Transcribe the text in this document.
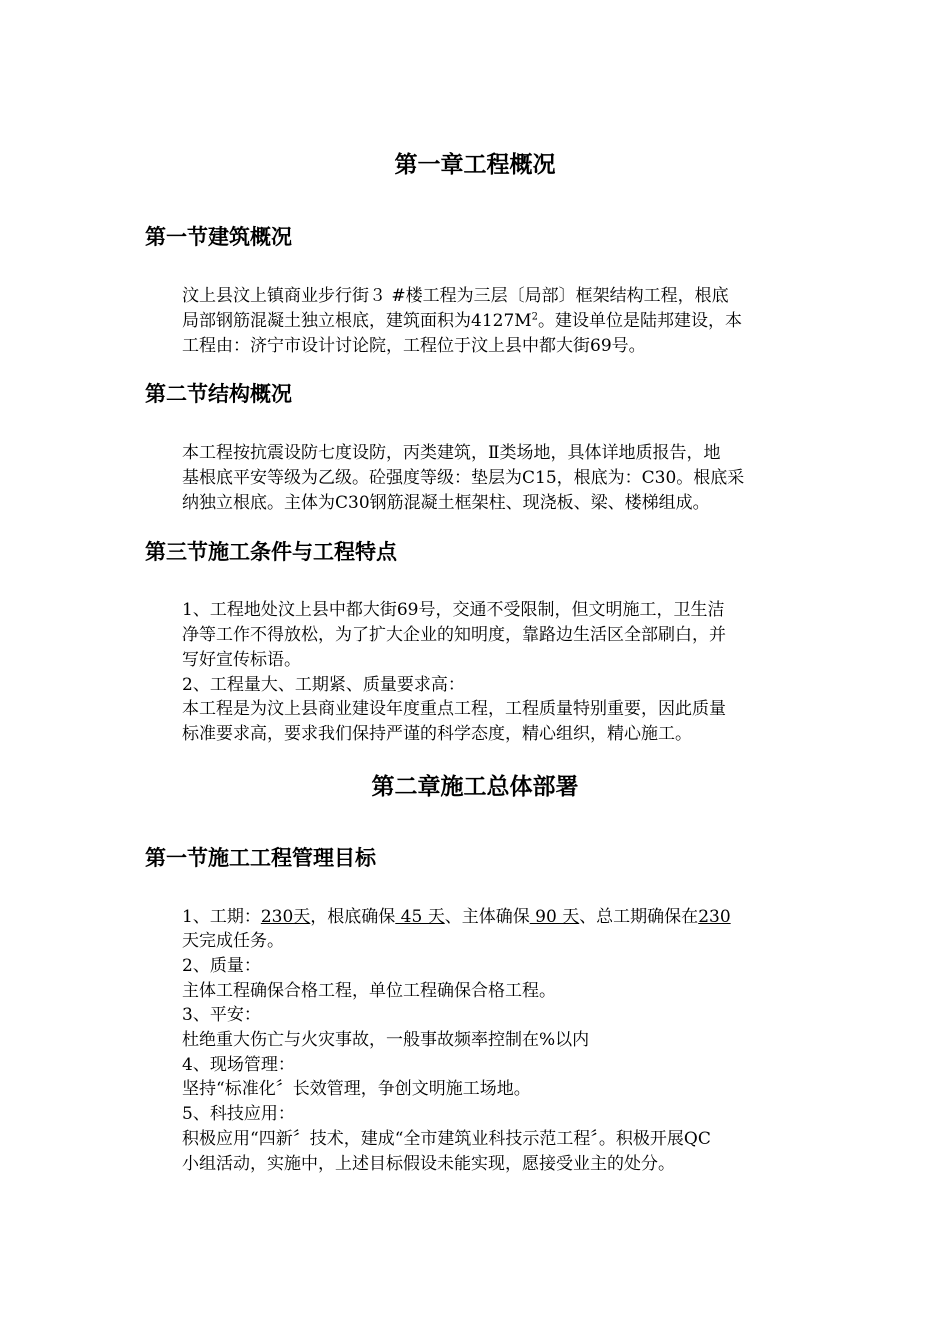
第一章工程概况
第一节建筑概况

汶上县汶上镇商业步行街３ #楼工程为三层〔局部〕框架结构工程，根底

局部钢筋混凝土独立根底，建筑面积为$4127M^2$。建设单位是陆邦建设，本

工程由：济宁市设计讨论院，工程位于汶上县中都大街69号。

第二节结构概况

本工程按抗震设防七度设防，丙类建筑，Ⅱ类场地，具体详地质报告，地

基根底平安等级为乙级。砼强度等级：垫层为C15，根底为：C30。根底采

纳独立根底。主体为C30钢筋混凝土框架柱、现浇板、梁、楼梯组成。

第三节施工条件与工程特点

1、工程地处汶上县中都大街69号，交通不受限制，但文明施工，卫生洁

净等工作不得放松，为了扩大企业的知明度，靠路边生活区全部刷白，并

写好宣传标语。

2、工程量大、工期紧、质量要求高：

本工程是为汶上县商业建设年度重点工程，工程质量特别重要，因此质量

标准要求高，要求我们保持严谨的科学态度，精心组织，精心施工。

第二章施工总体部署
第一节施工工程管理目标

1、工期：230天，根底确保 45 天、主体确保 90 天、总工期确保在230

天完成任务。

2、质量：

主体工程确保合格工程，单位工程确保合格工程。

3、平安：

杜绝重大伤亡与火灾事故，一般事故频率控制在%以内

4、现场管理：

坚持“标准化〞长效管理，争创文明施工场地。

5、科技应用：

积极应用“四新〞技术，建成“全市建筑业科技示范工程〞。积极开展QC

小组活动，实施中，上述目标假设未能实现，愿接受业主的处分。
